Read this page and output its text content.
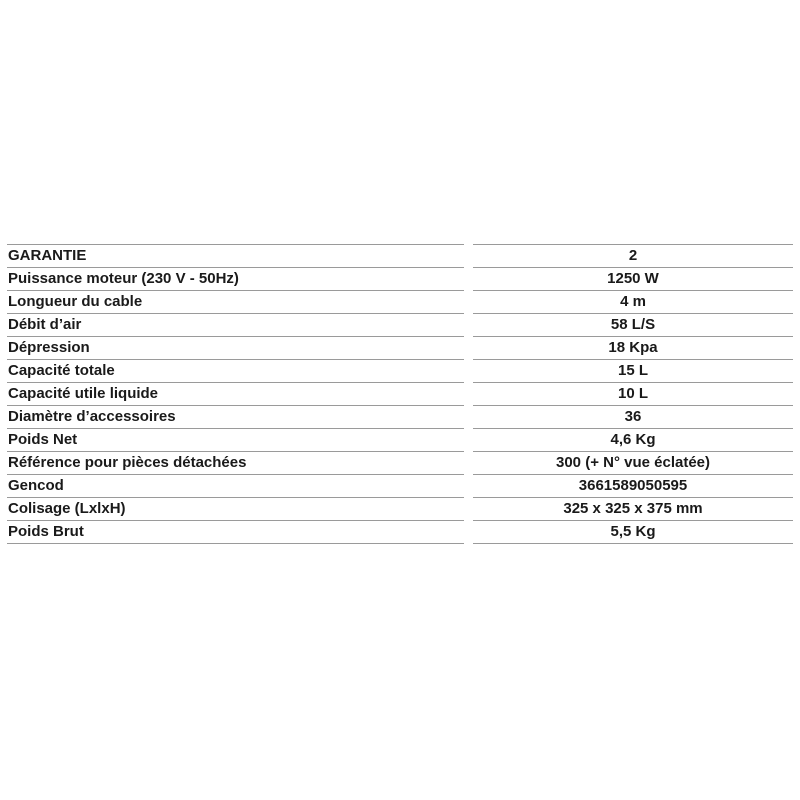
GARANTIE		2
Puissance moteur (230 V - 50Hz)		1250 W
Longueur du cable		4 m
Débit d’air		58 L/S
Dépression		18 Kpa
Capacité totale		15 L
Capacité utile liquide		10 L
Diamètre d’accessoires		36
Poids Net		4,6 Kg
Référence pour pièces détachées		300 (+ N° vue éclatée)
Gencod		3661589050595
Colisage (LxlxH)		325 x 325 x 375 mm
Poids Brut		5,5 Kg
